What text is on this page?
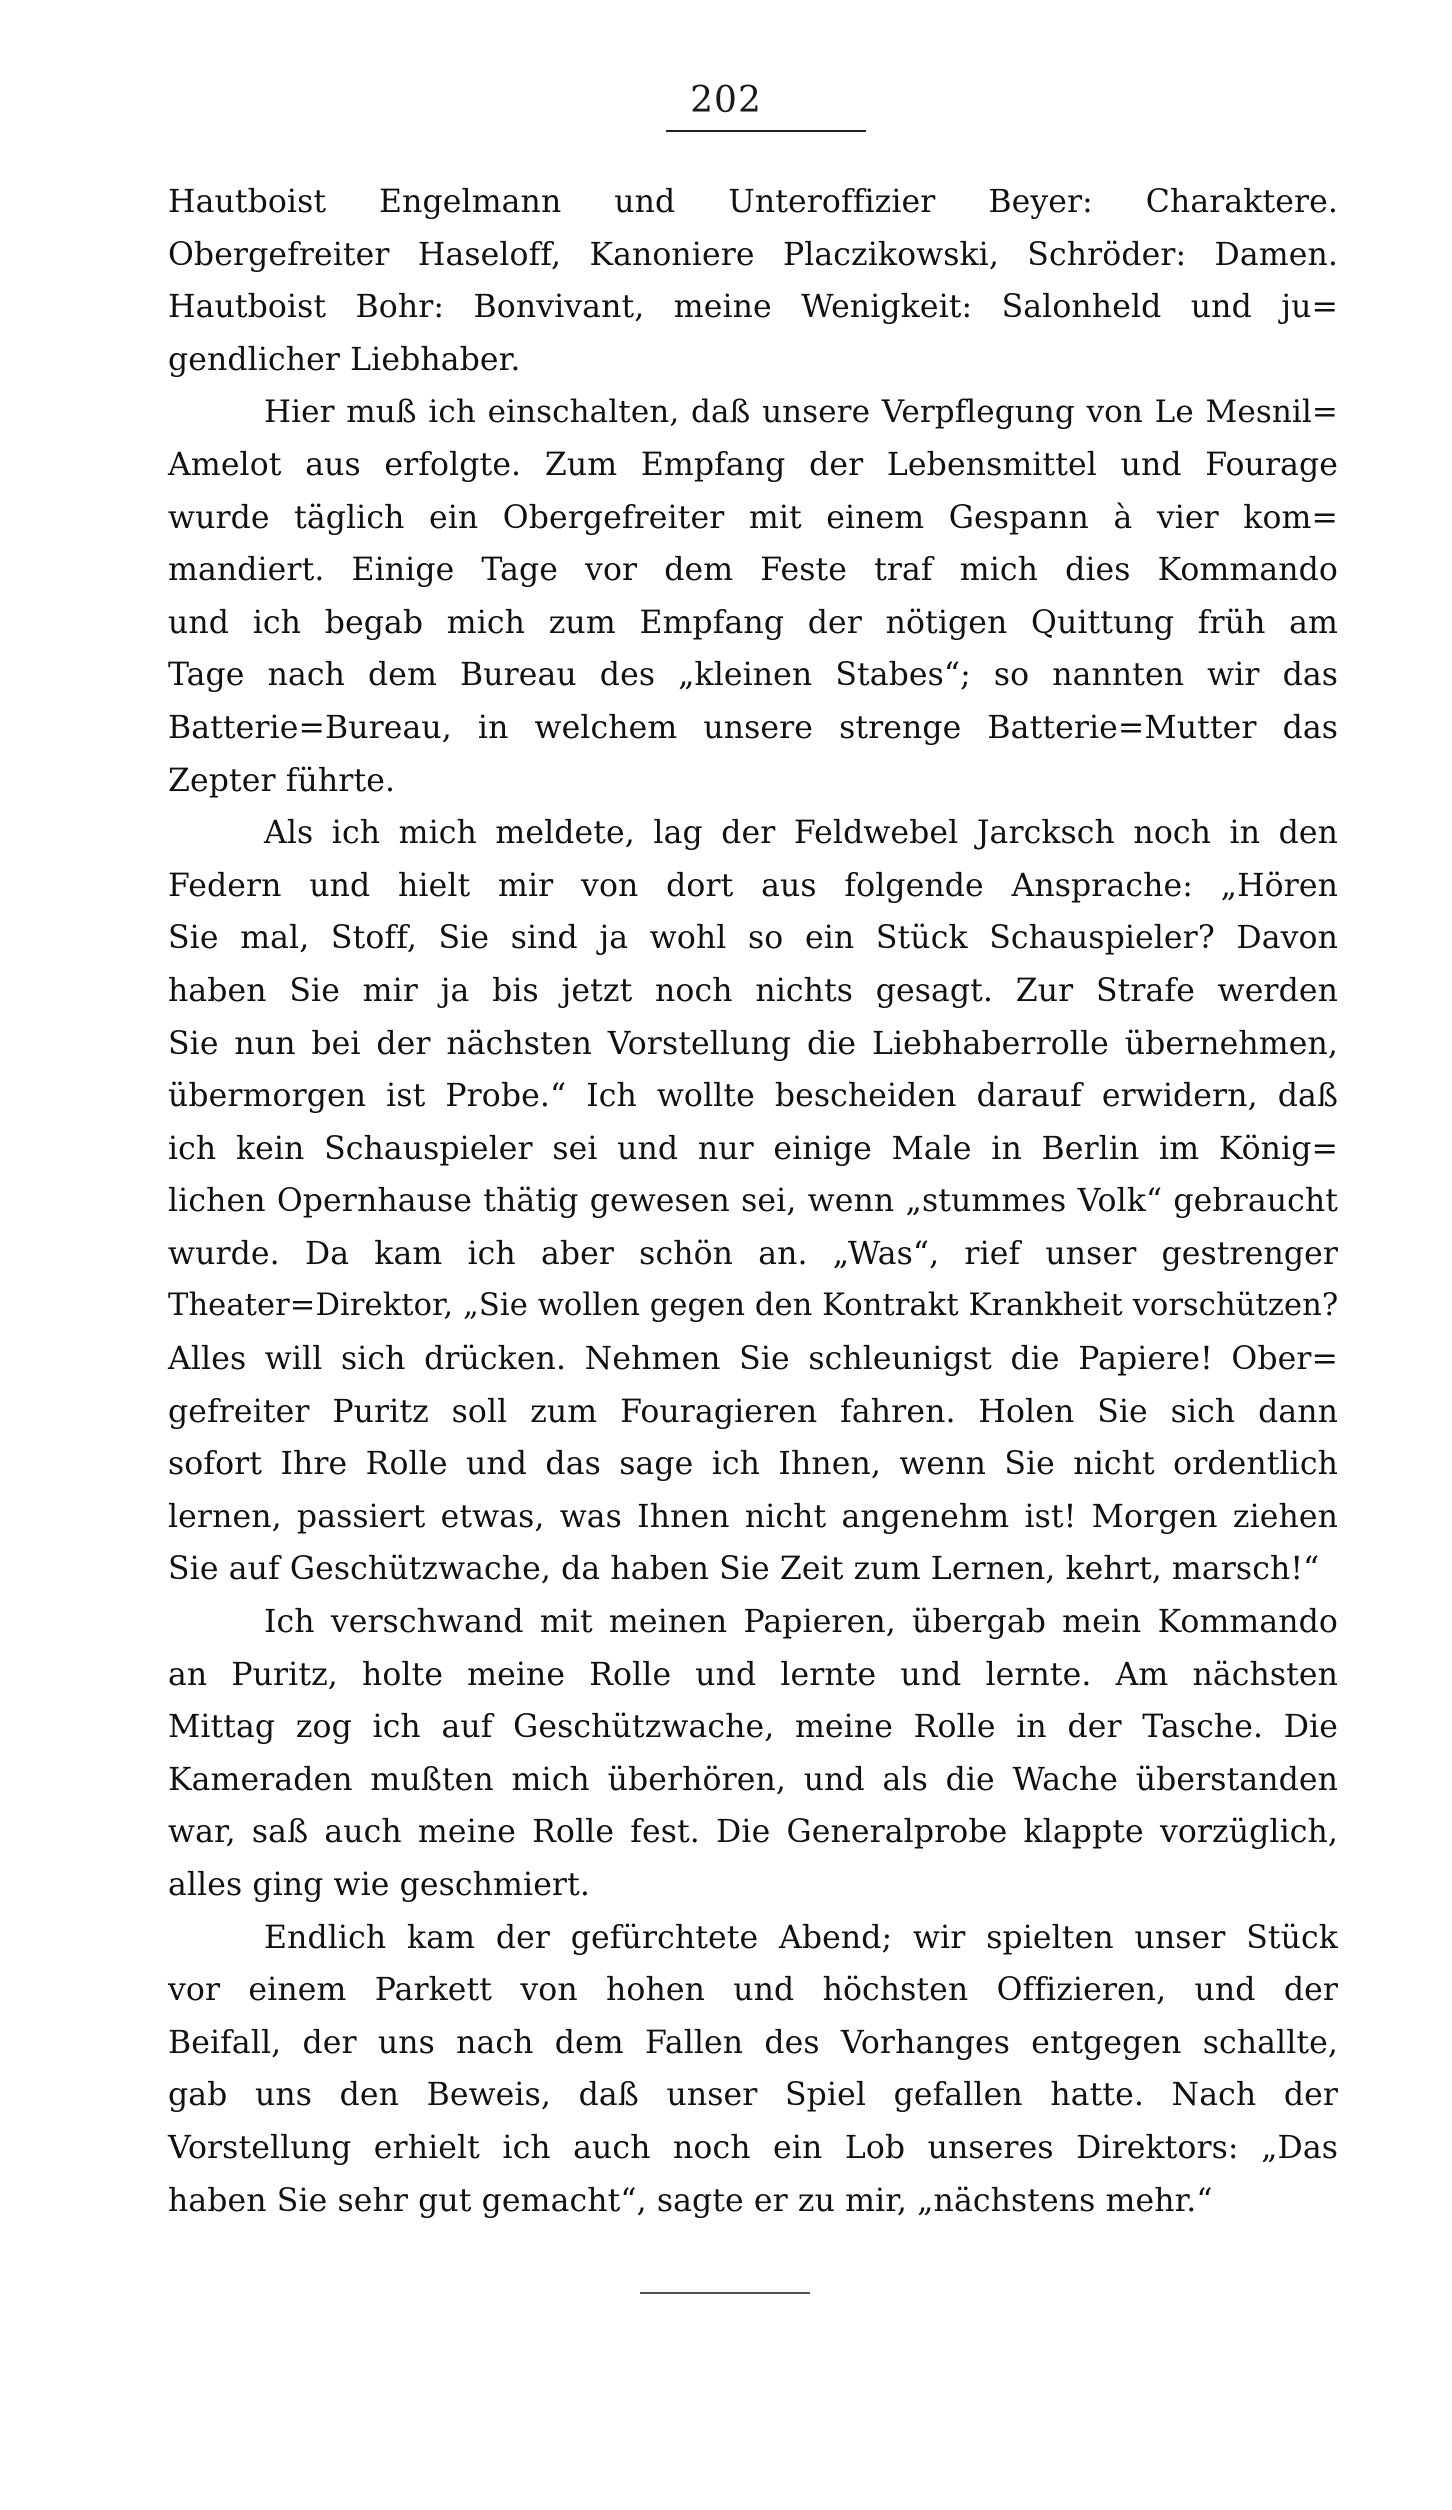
202
Hautboist Engelmann und Unteroffizier Beyer: Charaktere.
Obergefreiter Haseloff, Kanoniere Placzikowski, Schröder: Damen.
Hautboist Bohr: Bonvivant, meine Wenigkeit: Salonheld und ju=
gendlicher Liebhaber.
Hier muß ich einschalten, daß unsere Verpflegung von Le Mesnil=
Amelot aus erfolgte. Zum Empfang der Lebensmittel und Fourage
wurde täglich ein Obergefreiter mit einem Gespann à vier kom=
mandiert. Einige Tage vor dem Feste traf mich dies Kommando
und ich begab mich zum Empfang der nötigen Quittung früh am
Tage nach dem Bureau des „kleinen Stabes“; so nannten wir das
Batterie=Bureau, in welchem unsere strenge Batterie=Mutter das
Zepter führte.
Als ich mich meldete, lag der Feldwebel Jarcksch noch in den
Federn und hielt mir von dort aus folgende Ansprache: „Hören
Sie mal, Stoff, Sie sind ja wohl so ein Stück Schauspieler? Davon
haben Sie mir ja bis jetzt noch nichts gesagt. Zur Strafe werden
Sie nun bei der nächsten Vorstellung die Liebhaberrolle übernehmen,
übermorgen ist Probe.“ Ich wollte bescheiden darauf erwidern, daß
ich kein Schauspieler sei und nur einige Male in Berlin im König=
lichen Opernhause thätig gewesen sei, wenn „stummes Volk“ gebraucht
wurde. Da kam ich aber schön an. „Was“, rief unser gestrenger
Theater=Direktor, „Sie wollen gegen den Kontrakt Krankheit vorschützen?
Alles will sich drücken. Nehmen Sie schleunigst die Papiere! Ober=
gefreiter Puritz soll zum Fouragieren fahren. Holen Sie sich dann
sofort Ihre Rolle und das sage ich Ihnen, wenn Sie nicht ordentlich
lernen, passiert etwas, was Ihnen nicht angenehm ist! Morgen ziehen
Sie auf Geschützwache, da haben Sie Zeit zum Lernen, kehrt, marsch!“
Ich verschwand mit meinen Papieren, übergab mein Kommando
an Puritz, holte meine Rolle und lernte und lernte. Am nächsten
Mittag zog ich auf Geschützwache, meine Rolle in der Tasche. Die
Kameraden mußten mich überhören, und als die Wache überstanden
war, saß auch meine Rolle fest. Die Generalprobe klappte vorzüglich,
alles ging wie geschmiert.
Endlich kam der gefürchtete Abend; wir spielten unser Stück
vor einem Parkett von hohen und höchsten Offizieren, und der
Beifall, der uns nach dem Fallen des Vorhanges entgegen schallte,
gab uns den Beweis, daß unser Spiel gefallen hatte. Nach der
Vorstellung erhielt ich auch noch ein Lob unseres Direktors: „Das
haben Sie sehr gut gemacht“, sagte er zu mir, „nächstens mehr.“
